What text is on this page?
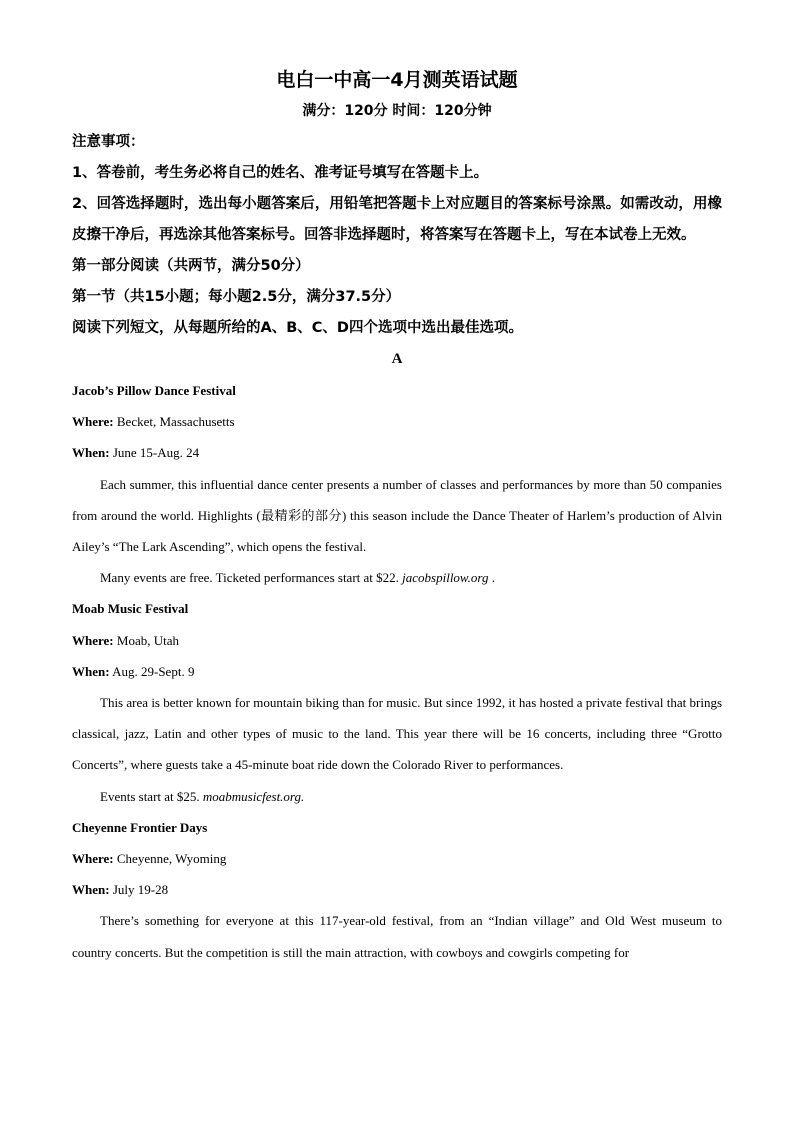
电白一中高一4月测英语试题

满分：120分 时间：120分钟

注意事项：

1、答卷前，考生务必将自己的姓名、准考证号填写在答题卡上。

2、回答选择题时，选出每小题答案后，用铅笔把答题卡上对应题目的答案标号涂黑。如需改动，用橡皮擦干净后，再选涂其他答案标号。回答非选择题时，将答案写在答题卡上，写在本试卷上无效。

第一部分阅读（共两节，满分50分）

第一节（共15小题；每小题2.5分，满分37.5分）

阅读下列短文，从每题所给的A、B、C、D四个选项中选出最佳选项。

A

Jacob’s Pillow Dance Festival

Where: Becket, Massachusetts

When: June 15-Aug. 24

Each summer, this influential dance center presents a number of classes and performances by more than 50 companies from around the world. Highlights (最精彩的部分) this season include the Dance Theater of Harlem’s production of Alvin Ailey’s “The Lark Ascending”, which opens the festival.

Many events are free. Ticketed performances start at $22. jacobspillow.org .

Moab Music Festival

Where: Moab, Utah

When: Aug. 29-Sept. 9

This area is better known for mountain biking than for music. But since 1992, it has hosted a private festival that brings classical, jazz, Latin and other types of music to the land. This year there will be 16 concerts, including three “Grotto Concerts”, where guests take a 45-minute boat ride down the Colorado River to performances.

Events start at $25. moabmusicfest.org.

Cheyenne Frontier Days

Where: Cheyenne, Wyoming

When: July 19-28

There’s something for everyone at this 117-year-old festival, from an “Indian village” and Old West museum to country concerts. But the competition is still the main attraction, with cowboys and cowgirls competing for
